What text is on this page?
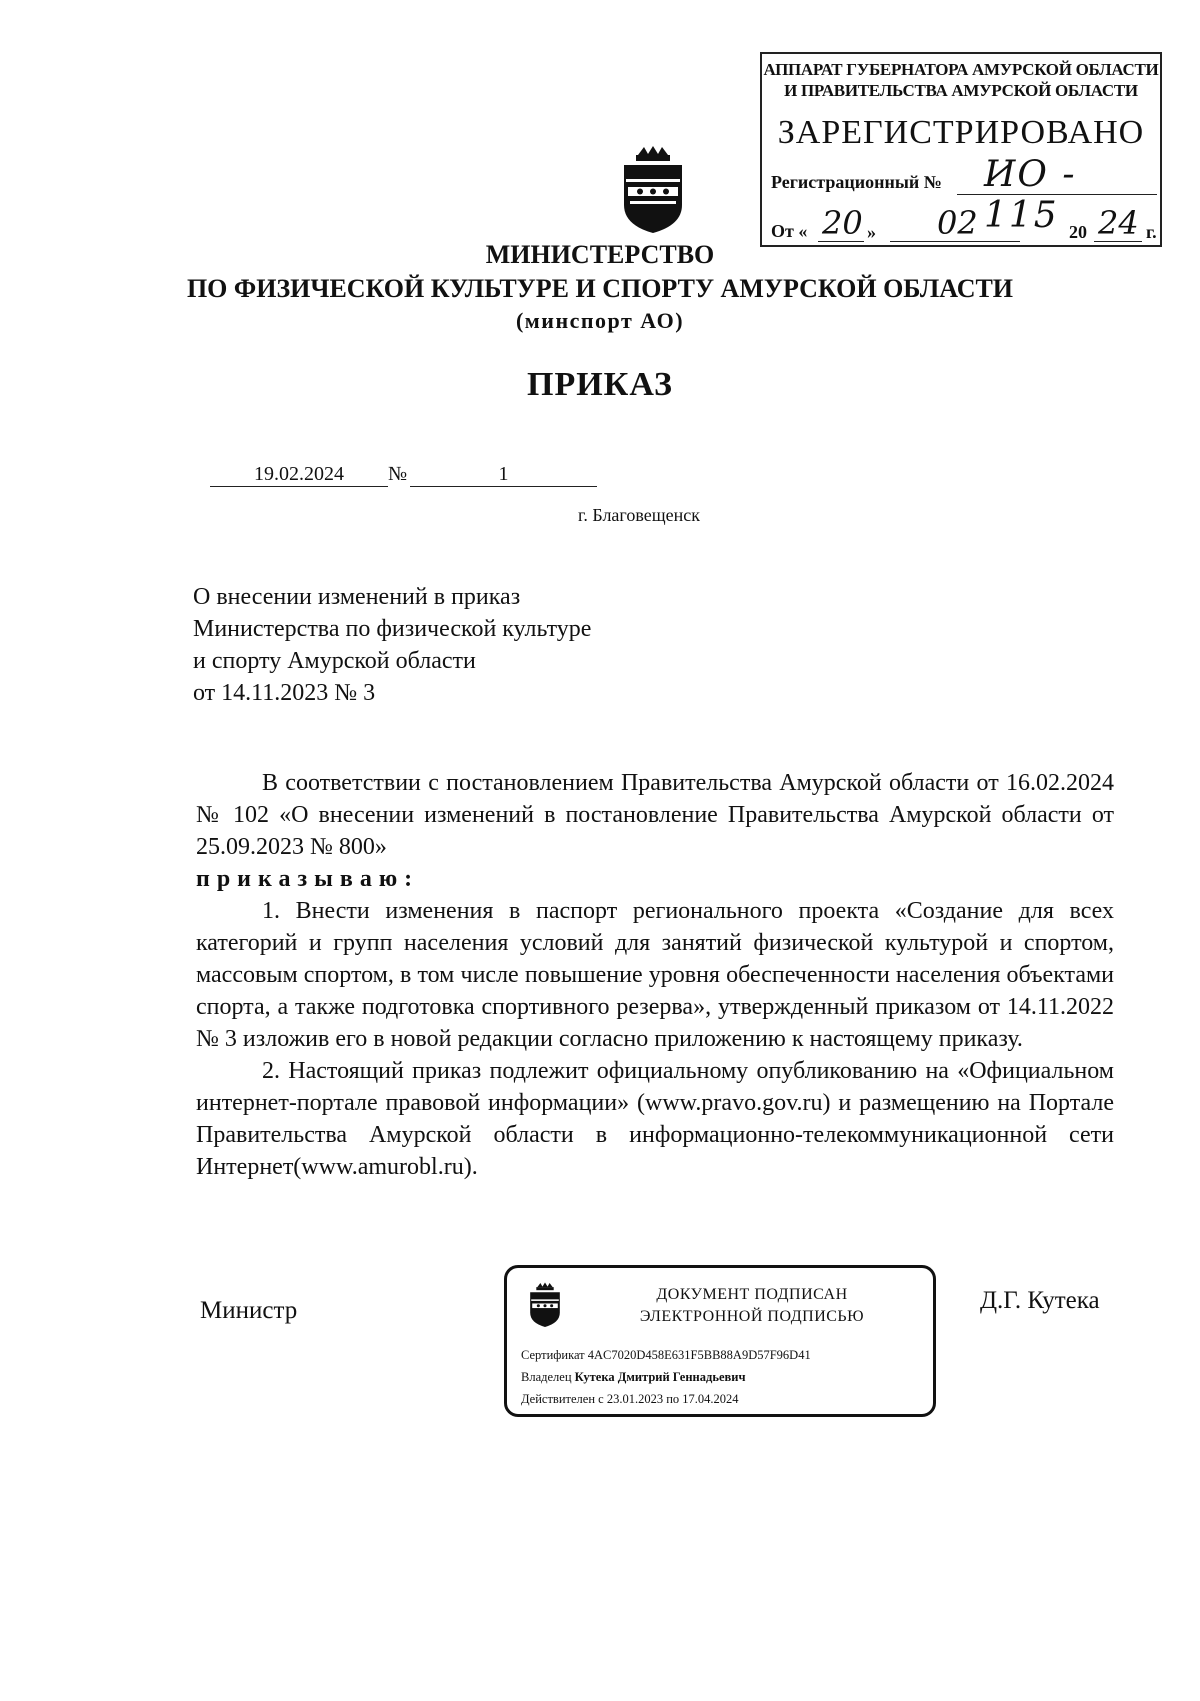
АППАРАТ ГУБЕРНАТОРА АМУРСКОЙ ОБЛАСТИ
И ПРАВИТЕЛЬСТВА АМУРСКОЙ ОБЛАСТИ
ЗАРЕГИСТРИРОВАНО
Регистрационный № ИО - 115
От « 20 » 02	20 24 г.
МИНИСТЕРСТВО
ПО ФИЗИЧЕСКОЙ КУЛЬТУРЕ И СПОРТУ АМУРСКОЙ ОБЛАСТИ
(минспорт АО)
ПРИКАЗ
19.02.2024	№	1
г. Благовещенск
О внесении изменений в приказ
Министерства по физической культуре
и спорту Амурской области
от 14.11.2023 № 3

В соответствии с постановлением Правительства Амурской области от 16.02.2024 № 102 «О внесении изменений в постановление Правительства Амурской области от 25.09.2023 № 800»

приказываю:

1. Внести изменения в паспорт регионального проекта «Создание для всех категорий и групп населения условий для занятий физической культурой и спортом, массовым спортом, в том числе повышение уровня обеспеченности населения объектами спорта, а также подготовка спортивного резерва», утвержденный приказом от 14.11.2022 № 3 изложив его в новой редакции согласно приложению к настоящему приказу.

2. Настоящий приказ подлежит официальному опубликованию на «Официальном интернет-портале правовой информации» (www.pravo.gov.ru) и размещению на Портале Правительства Амурской области в информационно-телекоммуникационной сети Интернет(www.amurobl.ru).

Министр
ДОКУМЕНТ ПОДПИСАН
ЭЛЕКТРОННОЙ ПОДПИСЬЮ
Сертификат 4AC7020D458E631F5BB88A9D57F96D41
Владелец Кутека Дмитрий Геннадьевич
Действителен с 23.01.2023 по 17.04.2024
Д.Г. Кутека
